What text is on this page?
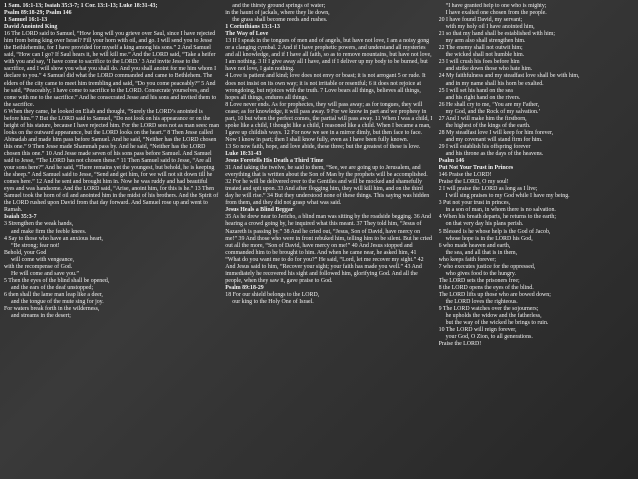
1 Sam. 16:1-13; Isaiah 35:3-7; 1 Cor. 13:1-13; Luke 18:31-43;

Psalm 89:18-29; Psalm 146

1 Samuel 16:1-13

David Anointed King

16 The LORD said to Samuel, “How long will you grieve over Saul, since I have rejected him from being king over Israel? Fill your horn with oil, and go. I will send you to Jesse the Bethlehemite, for I have provided for myself a king among his sons.” 2 And Samuel said, “How can I go? If Saul hears it, he will kill me.” And the LORD said, “Take a heifer with you and say, ‘I have come to sacrifice to the LORD.’ 3 And invite Jesse to the sacrifice, and I will show you what you shall do. And you shall anoint for me him whom I declare to you.” 4 Samuel did what the LORD commanded and came to Bethlehem. The elders of the city came to meet him trembling and said, “Do you come peaceably?” 5 And he said, “Peaceably; I have come to sacrifice to the LORD. Consecrate yourselves, and come with me to the sacrifice.” And he consecrated Jesse and his sons and invited them to the sacrifice.

6 When they came, he looked on Eliab and thought, “Surely the LORD’s anointed is before him.” 7 But the LORD said to Samuel, “Do not look on his appearance or on the height of his stature, because I have rejected him. For the LORD sees not as man sees: man looks on the outward appearance, but the LORD looks on the heart.” 8 Then Jesse called Abinadab and made him pass before Samuel. And he said, “Neither has the LORD chosen this one.” 9 Then Jesse made Shammah pass by. And he said, “Neither has the LORD chosen this one.” 10 And Jesse made seven of his sons pass before Samuel. And Samuel said to Jesse, “The LORD has not chosen these.” 11 Then Samuel said to Jesse, “Are all your sons here?” And he said, “There remains yet the youngest, but behold, he is keeping the sheep.” And Samuel said to Jesse, “Send and get him, for we will not sit down till he comes here.” 12 And he sent and brought him in. Now he was ruddy and had beautiful eyes and was handsome. And the LORD said, “Arise, anoint him, for this is he.” 13 Then Samuel took the horn of oil and anointed him in the midst of his brothers. And the Spirit of the LORD rushed upon David from that day forward. And Samuel rose up and went to Ramah.

Isaiah 35:3-7

3 Strengthen the weak hands,

and make firm the feeble knees.

4 Say to those who have an anxious heart,

“Be strong; fear not!

Behold, your God

will come with vengeance,

with the recompense of God.

He will come and save you.”

5 Then the eyes of the blind shall be opened,

and the ears of the deaf unstopped;

6 then shall the lame man leap like a deer,

and the tongue of the mute sing for joy.

For waters break forth in the wilderness,

and streams in the desert;

and the thirsty ground springs of water;

in the haunt of jackals, where they lie down,

the grass shall become reeds and rushes.

1 Corinthians 13:1-13

The Way of Love

13 If I speak in the tongues of men and of angels, but have not love, I am a noisy gong or a clanging cymbal. 2 And if I have prophetic powers, and understand all mysteries and all knowledge, and if I have all faith, so as to remove mountains, but have not love, I am nothing. 3 If I give away all I have, and if I deliver up my body to be burned, but have not love, I gain nothing.

4 Love is patient and kind; love does not envy or boast; it is not arrogant 5 or rude. It does not insist on its own way; it is not irritable or resentful; 6 it does not rejoice at wrongdoing, but rejoices with the truth. 7 Love bears all things, believes all things, hopes all things, endures all things.

8 Love never ends. As for prophecies, they will pass away; as for tongues, they will cease; as for knowledge, it will pass away. 9 For we know in part and we prophesy in part, 10 but when the perfect comes, the partial will pass away. 11 When I was a child, I spoke like a child, I thought like a child, I reasoned like a child. When I became a man, I gave up childish ways. 12 For now we see in a mirror dimly, but then face to face. Now I know in part; then I shall know fully, even as I have been fully known.

13 So now faith, hope, and love abide, these three; but the greatest of these is love.

Luke 18:31-43

Jesus Foretells His Death a Third Time

31 And taking the twelve, he said to them, “See, we are going up to Jerusalem, and everything that is written about the Son of Man by the prophets will be accomplished. 32 For he will be delivered over to the Gentiles and will be mocked and shamefully treated and spit upon. 33 And after flogging him, they will kill him, and on the third day he will rise.” 34 But they understood none of these things. This saying was hidden from them, and they did not grasp what was said.

Jesus Heals a Blind Beggar

35 As he drew near to Jericho, a blind man was sitting by the roadside begging. 36 And hearing a crowd going by, he inquired what this meant. 37 They told him, “Jesus of Nazareth is passing by.” 38 And he cried out, “Jesus, Son of David, have mercy on me!” 39 And those who were in front rebuked him, telling him to be silent. But he cried out all the more, “Son of David, have mercy on me!” 40 And Jesus stopped and commanded him to be brought to him. And when he came near, he asked him, 41 “What do you want me to do for you?” He said, “Lord, let me recover my sight.” 42 And Jesus said to him, “Recover your sight; your faith has made you well.” 43 And immediately he recovered his sight and followed him, glorifying God. And all the people, when they saw it, gave praise to God.

Psalm 89:18-29

18 For our shield belongs to the LORD,

our king to the Holy One of Israel.

“I have granted help to one who is mighty;

I have exalted one chosen from the people.

20 I have found David, my servant;

with my holy oil I have anointed him,

21 so that my hand shall be established with him;

my arm also shall strengthen him.

22 The enemy shall not outwit him;

the wicked shall not humble him.

23 I will crush his foes before him

and strike down those who hate him.

24 My faithfulness and my steadfast love shall be with him,

and in my name shall his horn be exalted.

25 I will set his hand on the sea

and his right hand on the rivers.

26 He shall cry to me, ‘You are my Father,

my God, and the Rock of my salvation.’

27 And I will make him the firstborn,

the highest of the kings of the earth.

28 My steadfast love I will keep for him forever,

and my covenant will stand firm for him.

29 I will establish his offspring forever

and his throne as the days of the heavens.

Psalm 146

Put Not Your Trust in Princes

146 Praise the LORD!

Praise the LORD, O my soul!

2 I will praise the LORD as long as I live;

I will sing praises to my God while I have my being.

3 Put not your trust in princes,

in a son of man, in whom there is no salvation.

4 When his breath departs, he returns to the earth;

on that very day his plans perish.

5 Blessed is he whose help is the God of Jacob,

whose hope is in the LORD his God,

6 who made heaven and earth,

the sea, and all that is in them,

who keeps faith forever;

7 who executes justice for the oppressed,

who gives food to the hungry.

The LORD sets the prisoners free;

8 the LORD opens the eyes of the blind.

The LORD lifts up those who are bowed down;

the LORD loves the righteous.

9 The LORD watches over the sojourners;

he upholds the widow and the fatherless,

but the way of the wicked he brings to ruin.

10 The LORD will reign forever,

your God, O Zion, to all generations.

Praise the LORD!
